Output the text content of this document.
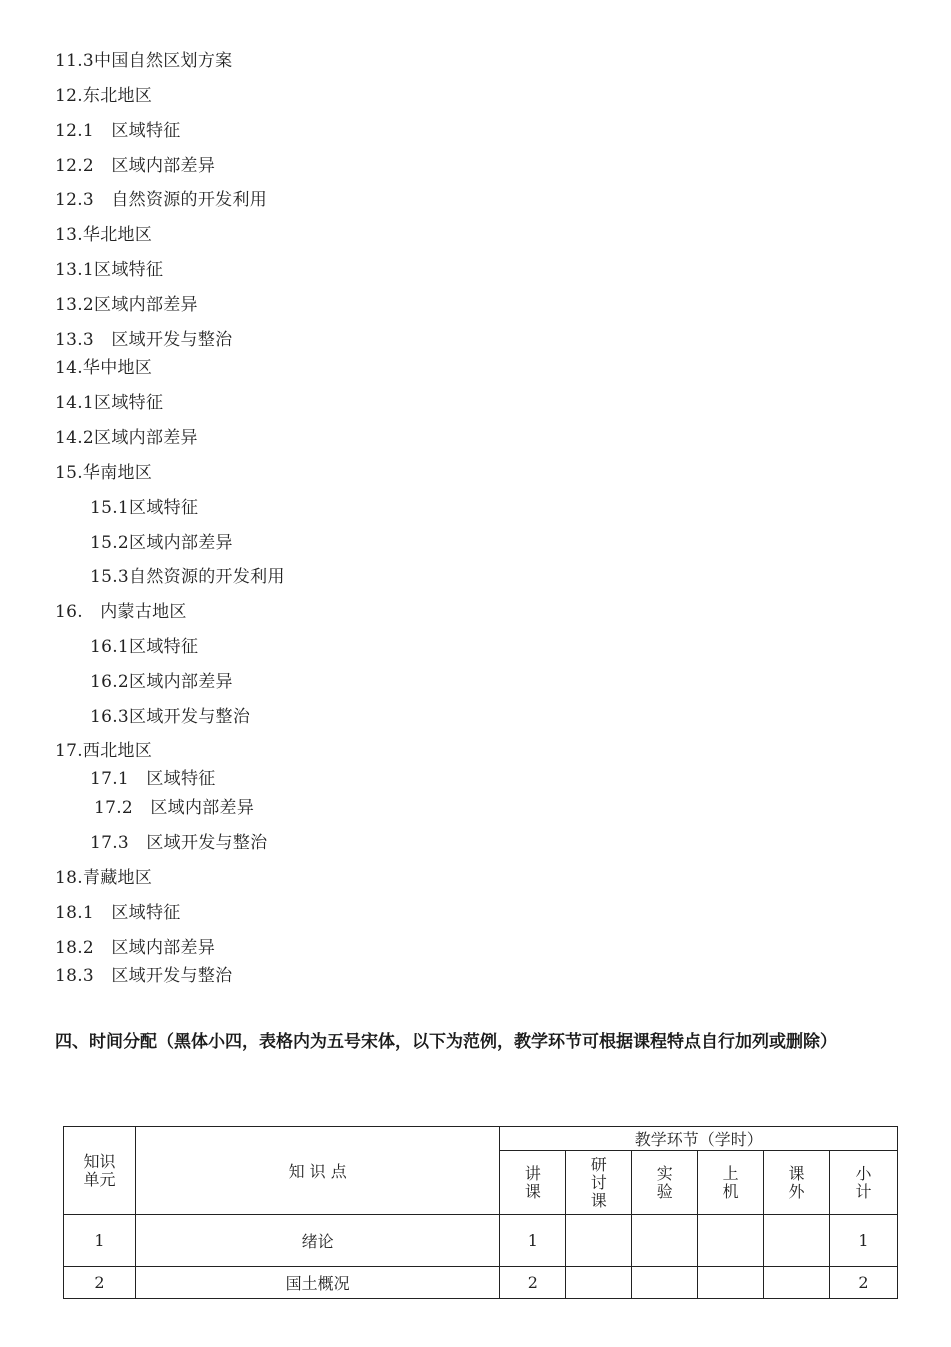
11.3中国自然区划方案
12.东北地区
12.1　区域特征
12.2　区域内部差异
12.3　自然资源的开发利用
13.华北地区
13.1区域特征
13.2区域内部差异
13.3　区域开发与整治
14.华中地区
14.1区域特征
14.2区域内部差异
15.华南地区
15.1区域特征
15.2区域内部差异
15.3自然资源的开发利用
16.　内蒙古地区
16.1区域特征
16.2区域内部差异
16.3区域开发与整治
17.西北地区
17.1　区域特征
17.2　区域内部差异
17.3　区域开发与整治
18.青藏地区
18.1　区域特征
18.2　区域内部差异
18.3　区域开发与整治
四、时间分配（黑体小四，表格内为五号宋体，以下为范例，教学环节可根据课程特点自行加列或删除）
知识单元	知 识 点	教学环节（学时）					
		讲课	研讨课	实验	上机	课外	小计
1	绪论	1					1
2	国土概况	2					2
